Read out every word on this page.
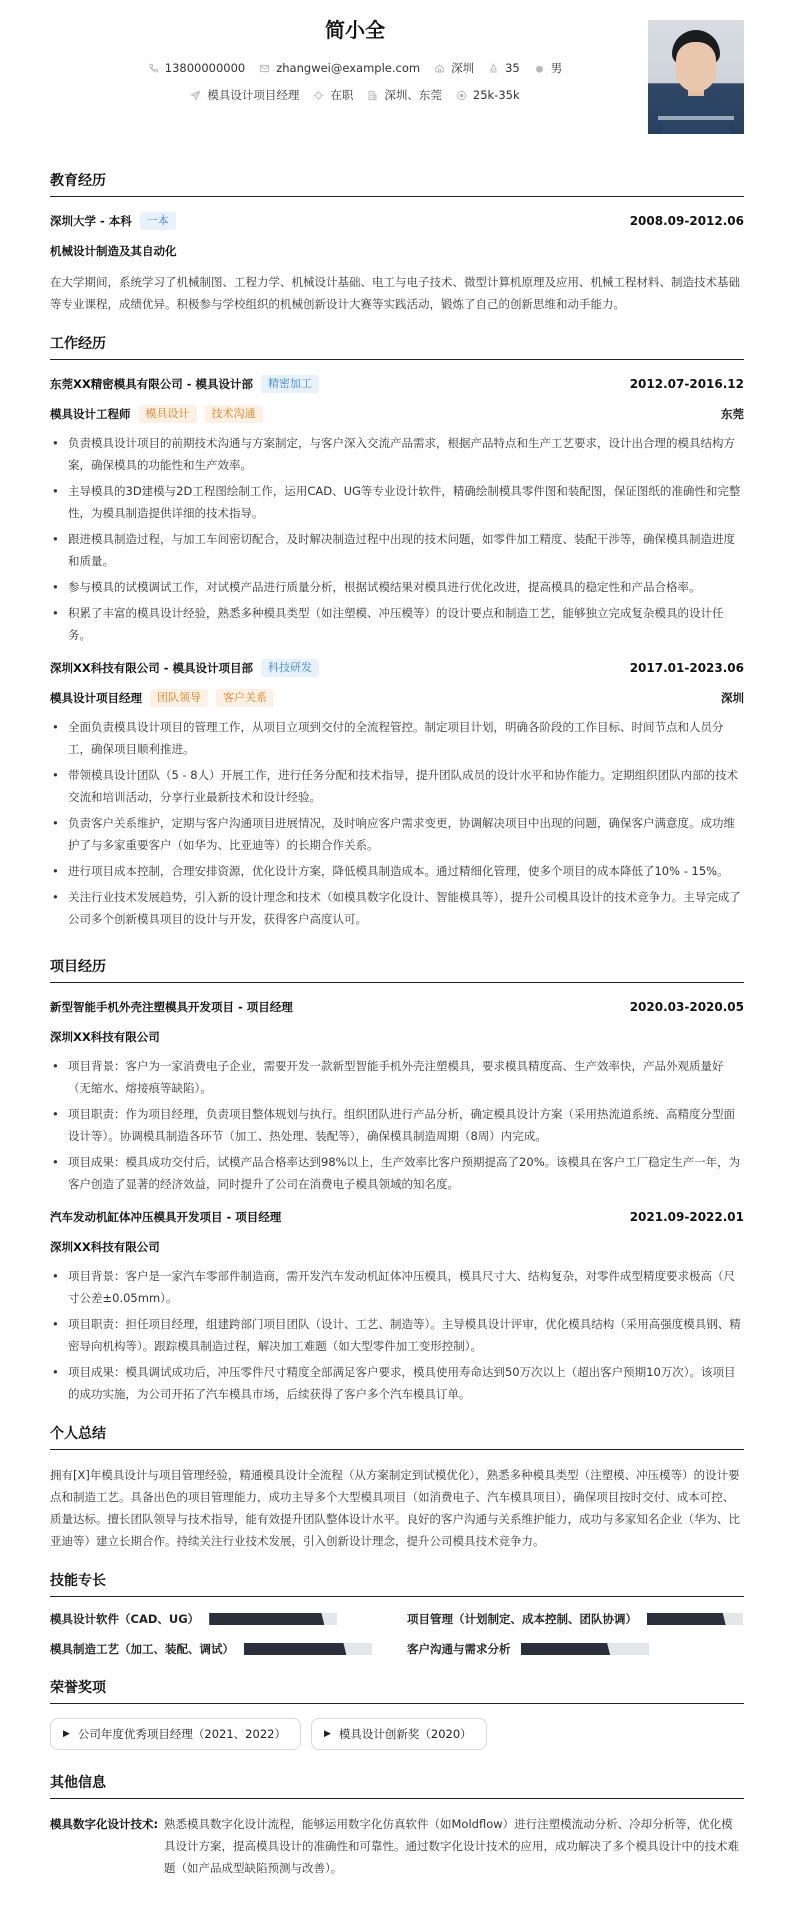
简小全
13800000000	zhangwei@example.com	深圳	35	男
模具设计项目经理	在职	深圳、东莞	25k-35k
教育经历
深圳大学 - 本科	一本	2008.09-2012.06
机械设计制造及其自动化
在大学期间，系统学习了机械制图、工程力学、机械设计基础、电工与电子技术、微型计算机原理及应用、机械工程材料、制造技术基础等专业课程，成绩优异。积极参与学校组织的机械创新设计大赛等实践活动，锻炼了自己的创新思维和动手能力。
工作经历
东莞XX精密模具有限公司 - 模具设计部	精密加工	2012.07-2016.12
模具设计工程师	模具设计	技术沟通	东莞
• 负责模具设计项目的前期技术沟通与方案制定，与客户深入交流产品需求，根据产品特点和生产工艺要求，设计出合理的模具结构方案，确保模具的功能性和生产效率。
• 主导模具的3D建模与2D工程图绘制工作，运用CAD、UG等专业设计软件，精确绘制模具零件图和装配图，保证图纸的准确性和完整性，为模具制造提供详细的技术指导。
• 跟进模具制造过程，与加工车间密切配合，及时解决制造过程中出现的技术问题，如零件加工精度、装配干涉等，确保模具制造进度和质量。
• 参与模具的试模调试工作，对试模产品进行质量分析，根据试模结果对模具进行优化改进，提高模具的稳定性和产品合格率。
• 积累了丰富的模具设计经验，熟悉多种模具类型（如注塑模、冲压模等）的设计要点和制造工艺，能够独立完成复杂模具的设计任务。
深圳XX科技有限公司 - 模具设计项目部	科技研发	2017.01-2023.06
模具设计项目经理	团队领导	客户关系	深圳
• 全面负责模具设计项目的管理工作，从项目立项到交付的全流程管控。制定项目计划，明确各阶段的工作目标、时间节点和人员分工，确保项目顺利推进。
• 带领模具设计团队（5 - 8人）开展工作，进行任务分配和技术指导，提升团队成员的设计水平和协作能力。定期组织团队内部的技术交流和培训活动，分享行业最新技术和设计经验。
• 负责客户关系维护，定期与客户沟通项目进展情况，及时响应客户需求变更，协调解决项目中出现的问题，确保客户满意度。成功维护了与多家重要客户（如华为、比亚迪等）的长期合作关系。
• 进行项目成本控制，合理安排资源，优化设计方案，降低模具制造成本。通过精细化管理，使多个项目的成本降低了10% - 15%。
• 关注行业技术发展趋势，引入新的设计理念和技术（如模具数字化设计、智能模具等），提升公司模具设计的技术竞争力。主导完成了公司多个创新模具项目的设计与开发，获得客户高度认可。
项目经历
新型智能手机外壳注塑模具开发项目 - 项目经理	2020.03-2020.05
深圳XX科技有限公司
• 项目背景：客户为一家消费电子企业，需要开发一款新型智能手机外壳注塑模具，要求模具精度高、生产效率快，产品外观质量好（无缩水、熔接痕等缺陷）。
• 项目职责：作为项目经理，负责项目整体规划与执行。组织团队进行产品分析，确定模具设计方案（采用热流道系统、高精度分型面设计等）。协调模具制造各环节（加工、热处理、装配等），确保模具制造周期（8周）内完成。
• 项目成果：模具成功交付后，试模产品合格率达到98%以上，生产效率比客户预期提高了20%。该模具在客户工厂稳定生产一年，为客户创造了显著的经济效益，同时提升了公司在消费电子模具领域的知名度。
汽车发动机缸体冲压模具开发项目 - 项目经理	2021.09-2022.01
深圳XX科技有限公司
• 项目背景：客户是一家汽车零部件制造商，需开发汽车发动机缸体冲压模具，模具尺寸大、结构复杂，对零件成型精度要求极高（尺寸公差±0.05mm）。
• 项目职责：担任项目经理，组建跨部门项目团队（设计、工艺、制造等）。主导模具设计评审，优化模具结构（采用高强度模具钢、精密导向机构等）。跟踪模具制造过程，解决加工难题（如大型零件加工变形控制）。
• 项目成果：模具调试成功后，冲压零件尺寸精度全部满足客户要求，模具使用寿命达到50万次以上（超出客户预期10万次）。该项目的成功实施，为公司开拓了汽车模具市场，后续获得了客户多个汽车模具订单。
个人总结
拥有[X]年模具设计与项目管理经验，精通模具设计全流程（从方案制定到试模优化），熟悉多种模具类型（注塑模、冲压模等）的设计要点和制造工艺。具备出色的项目管理能力，成功主导多个大型模具项目（如消费电子、汽车模具项目），确保项目按时交付、成本可控、质量达标。擅长团队领导与技术指导，能有效提升团队整体设计水平。良好的客户沟通与关系维护能力，成功与多家知名企业（华为、比亚迪等）建立长期合作。持续关注行业技术发展，引入创新设计理念，提升公司模具技术竞争力。
技能专长
模具设计软件（CAD、UG）	项目管理（计划制定、成本控制、团队协调）
模具制造工艺（加工、装配、调试）	客户沟通与需求分析
荣誉奖项
▶ 公司年度优秀项目经理（2021、2022）	▶ 模具设计创新奖（2020）
其他信息
模具数字化设计技术: 熟悉模具数字化设计流程，能够运用数字化仿真软件（如Moldflow）进行注塑模流动分析、冷却分析等，优化模具设计方案，提高模具设计的准确性和可靠性。通过数字化设计技术的应用，成功解决了多个模具设计中的技术难题（如产品成型缺陷预测与改善）。
